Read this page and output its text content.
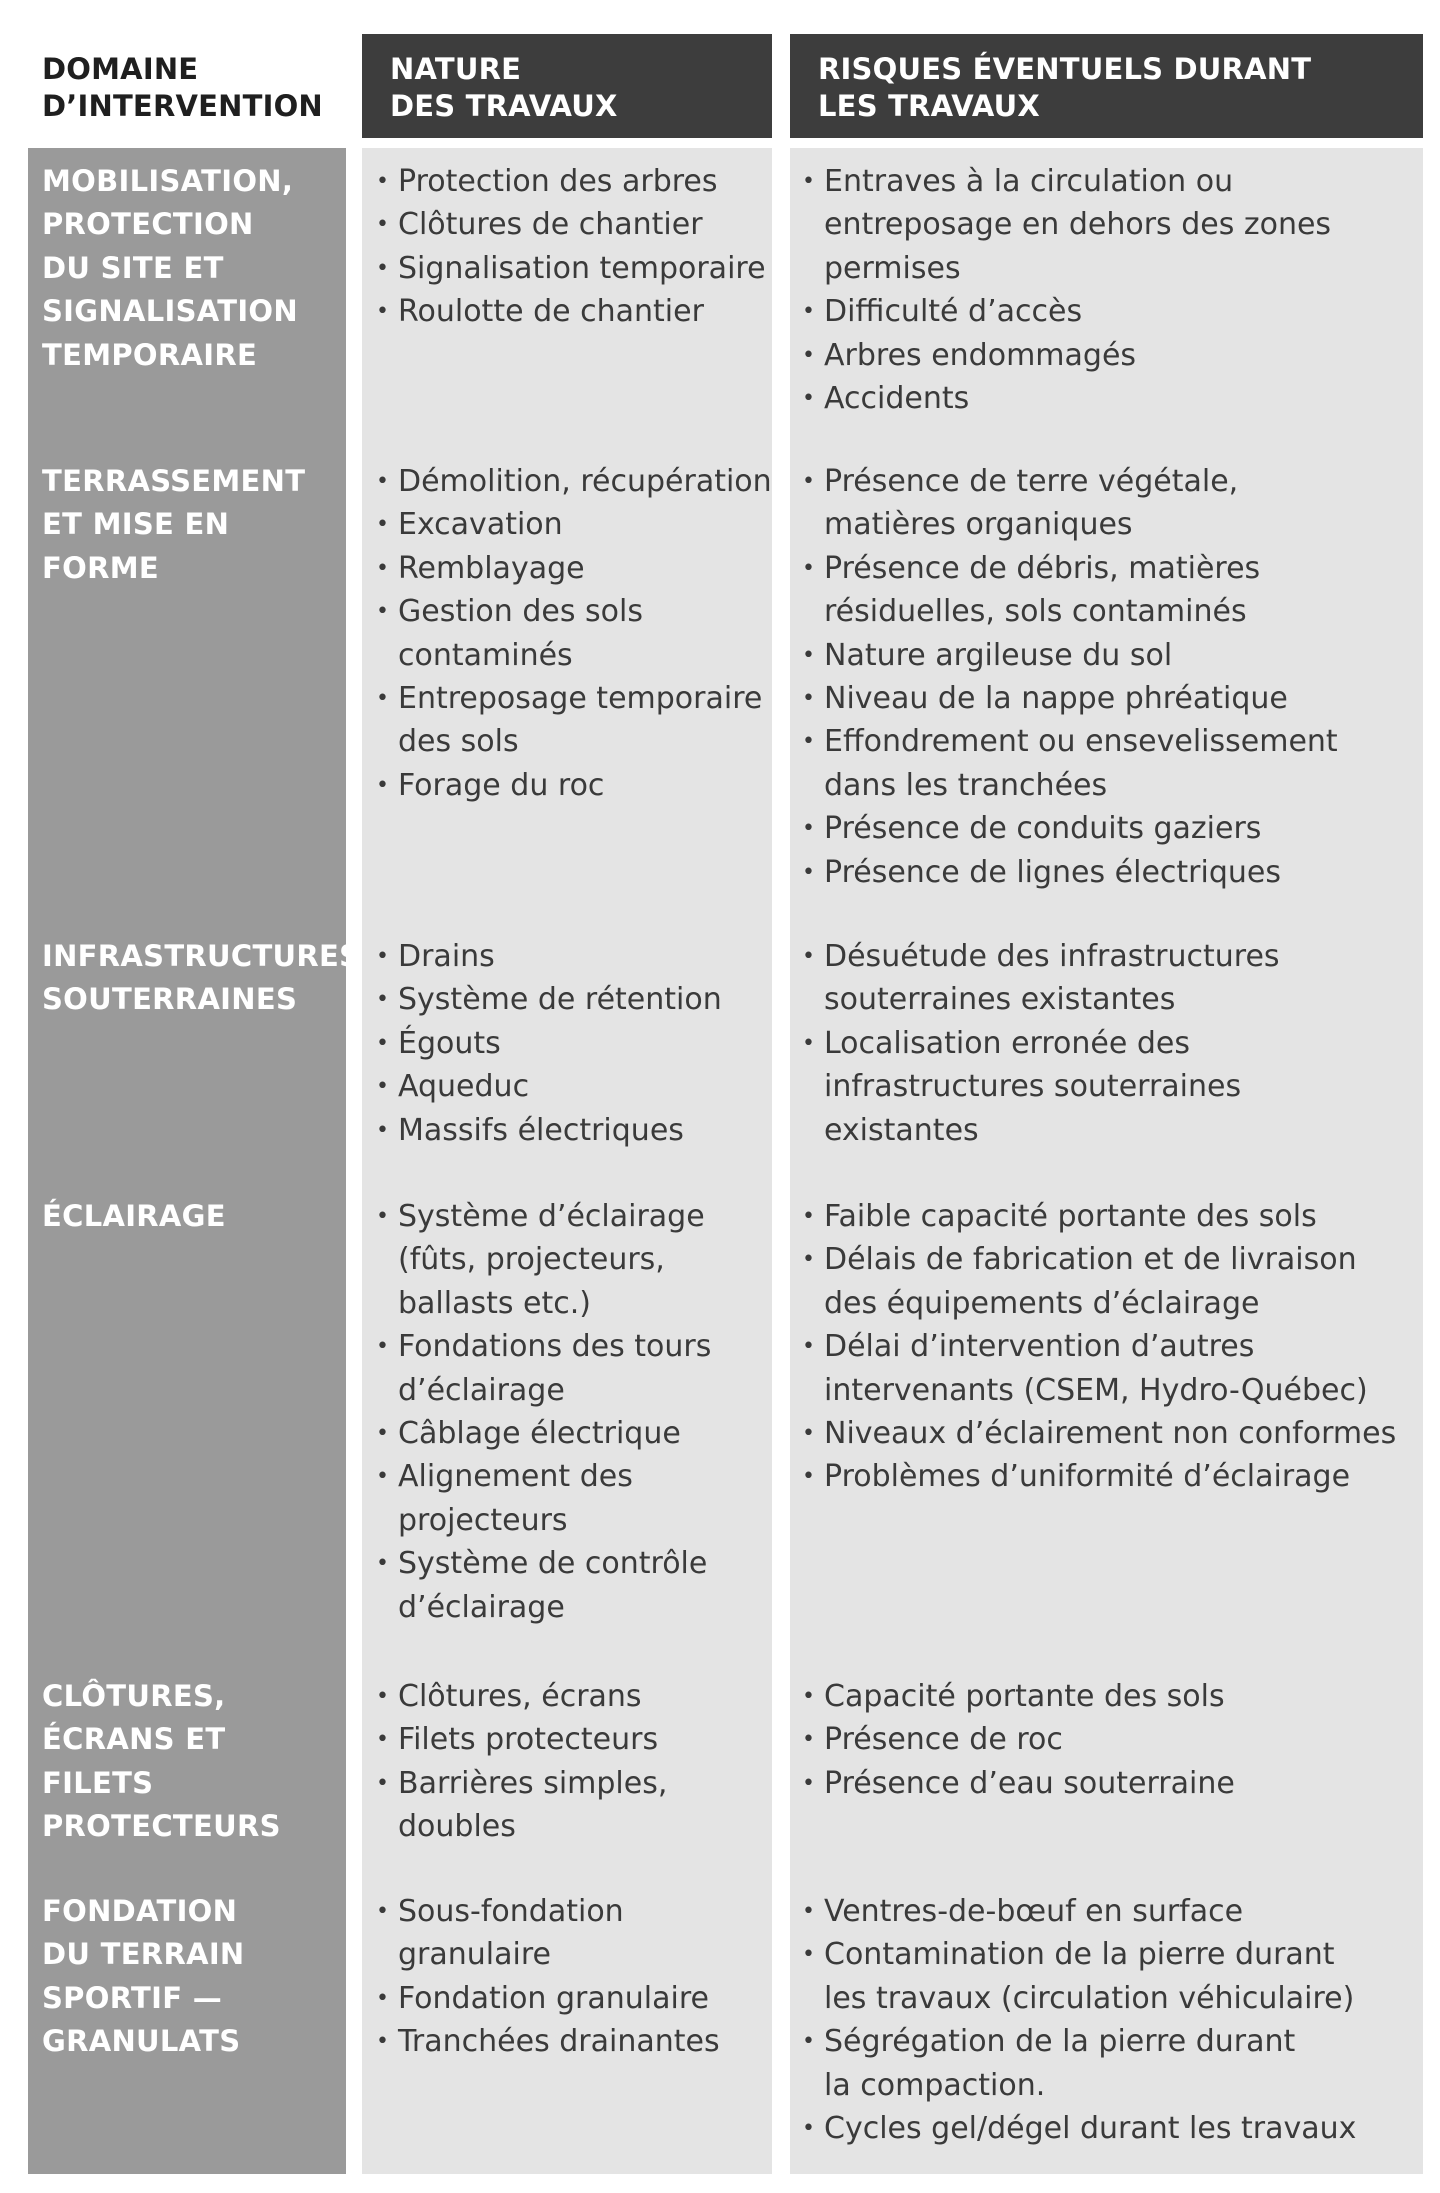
DOMAINE
D’INTERVENTION
NATURE
DES TRAVAUX
RISQUES ÉVENTUELS DURANT
LES TRAVAUX
MOBILISATION,
PROTECTION
DU SITE ET
SIGNALISATION
TEMPORAIRE
• Protection des arbres
• Clôtures de chantier
• Signalisation temporaire
• Roulotte de chantier
• Entraves à la circulation ou
entreposage en dehors des zones
permises
• Difficulté d’accès
• Arbres endommagés
• Accidents
TERRASSEMENT
ET MISE EN
FORME
• Démolition, récupération
• Excavation
• Remblayage
• Gestion des sols
contaminés
• Entreposage temporaire
des sols
• Forage du roc
• Présence de terre végétale,
matières organiques
• Présence de débris, matières
résiduelles, sols contaminés
• Nature argileuse du sol
• Niveau de la nappe phréatique
• Effondrement ou ensevelissement
dans les tranchées
• Présence de conduits gaziers
• Présence de lignes électriques
INFRASTRUCTURES
SOUTERRAINES
• Drains
• Système de rétention
• Égouts
• Aqueduc
• Massifs électriques
• Désuétude des infrastructures
souterraines existantes
• Localisation erronée des
infrastructures souterraines
existantes
ÉCLAIRAGE	• Système d’éclairage
(fûts, projecteurs,
ballasts etc.)
• Fondations des tours
d’éclairage
• Câblage électrique
• Alignement des
projecteurs
• Système de contrôle
d’éclairage
• Faible capacité portante des sols
• Délais de fabrication et de livraison
des équipements d’éclairage
• Délai d’intervention d’autres
intervenants (CSEM, Hydro-Québec)
• Niveaux d’éclairement non conformes
• Problèmes d’uniformité d’éclairage
CLÔTURES,
ÉCRANS ET FILETS
PROTECTEURS
• Clôtures, écrans
• Filets protecteurs
• Barrières simples,
doubles
• Capacité portante des sols
• Présence de roc
• Présence d’eau souterraine
FONDATION
DU TERRAIN
SPORTIF —
GRANULATS
• Sous-fondation
granulaire
• Fondation granulaire
• Tranchées drainantes
• Ventres-de-bœuf en surface
• Contamination de la pierre durant
les travaux (circulation véhiculaire)
• Ségrégation de la pierre durant
la compaction.
• Cycles gel/dégel durant les travaux
